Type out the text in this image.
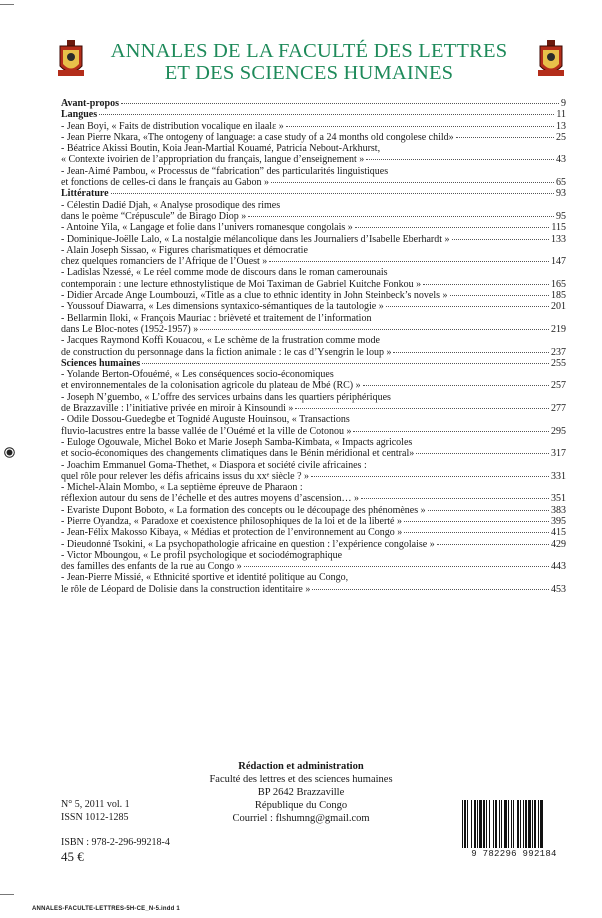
ANNALES DE LA FACULTÉ DES LETTRES
ET DES SCIENCES HUMAINES
Avant-propos	9
Langues	11
- Jean Boyi, « Faits de distribution vocalique en ilaalɛ »	13
- Jean Pierre Nkara, «The ontogeny of language: a case study of a 24 months old congolese child»	25
- Béatrice Akissi Boutin, Koia Jean-Martial Kouamé, Patricia Nebout-Arkhurst,
« Contexte ivoirien de l’appropriation du français, langue d’enseignement »	43
- Jean-Aimé Pambou, « Processus de “fabrication” des particularités linguistiques
et fonctions de celles-ci dans le français au Gabon »	65
Littérature	93
- Célestin Dadié Djah, « Analyse prosodique des rimes
dans le poème “Crépuscule” de Birago Diop »	95
- Antoine Yila, « Langage et folie dans l’univers romanesque congolais »	115
- Dominique-Joëlle Lalo, « La nostalgie mélancolique dans les Journaliers d’Isabelle Eberhardt »	133
- Alain Joseph Sissao, « Figures charismatiques et démocratie
chez quelques romanciers de l’Afrique de l’Ouest »	147
- Ladislas Nzessé, « Le réel comme mode de discours dans le roman camerounais
contemporain : une lecture ethnostylistique de Moi Taximan de Gabriel Kuitche Fonkou »	165
- Didier Arcade Ange Loumbouzi, «Title as a clue to ethnic identity in John Steinbeck’s novels »	185
- Youssouf Diawarra, « Les dimensions syntaxico-sémantiques de la tautologie »	201
- Bellarmin Iloki, « François Mauriac : brièveté et traitement de l’information
dans Le Bloc-notes (1952-1957) »	219
- Jacques Raymond Koffi Kouacou, « Le schème de la frustration comme mode
de construction du personnage dans la fiction animale : le cas d’Ysengrin le loup »	237
Sciences humaines	255
- Yolande Berton-Ofouémé, « Les conséquences socio-économiques
et environnementales de la colonisation agricole du plateau de Mbé (RC) »	257
- Joseph N’guembo, « L’offre des services urbains dans les quartiers périphériques
de Brazzaville : l’initiative privée en miroir à Kinsoundi »	277
- Odile Dossou-Guedegbe et Tognidé Auguste Houinsou, « Transactions
fluvio-lacustres entre la basse vallée de l’Ouémé et la ville de Cotonou »	295
- Euloge Ogouwale, Michel Boko et Marie Joseph Samba-Kimbata, « Impacts agricoles
et socio-économiques des changements climatiques dans le Bénin méridional et central»	317
- Joachim Emmanuel Goma-Thethet, « Diaspora et société civile africaines :
quel rôle pour relever les défis africains issus du xxᵉ siècle ? »	331
- Michel-Alain Mombo, « La septième épreuve de Pharaon :
réflexion autour du sens de l’échelle et des autres moyens d’ascension… »	351
- Evariste Dupont Boboto, « La formation des concepts ou le découpage des phénomènes »	383
- Pierre Oyandza, « Paradoxe et coexistence philosophiques de la loi et de la liberté »	395
- Jean-Félix Makosso Kibaya, « Médias et protection de l’environnement au Congo »	415
- Dieudonné Tsokini, « La psychopathologie africaine en question : l’expérience congolaise »	429
- Victor Mboungou, « Le profil psychologique et sociodémographique
des familles des enfants de la rue au Congo »	443
- Jean-Pierre Missié, « Ethnicité sportive et identité politique au Congo,
le rôle de Léopard de Dolisie dans la construction identitaire »	453
Rédaction et administration
Faculté des lettres et des sciences humaines
BP 2642 Brazzaville
République du Congo
Courriel : flshumng@gmail.com
N° 5, 2011 vol. 1
ISSN 1012-1285
ISBN : 978-2-296-99218-4
45 €	9 782296 992184
ANNALES-FACULTE-LETTRES-5H-CE_N-5.indd 1
